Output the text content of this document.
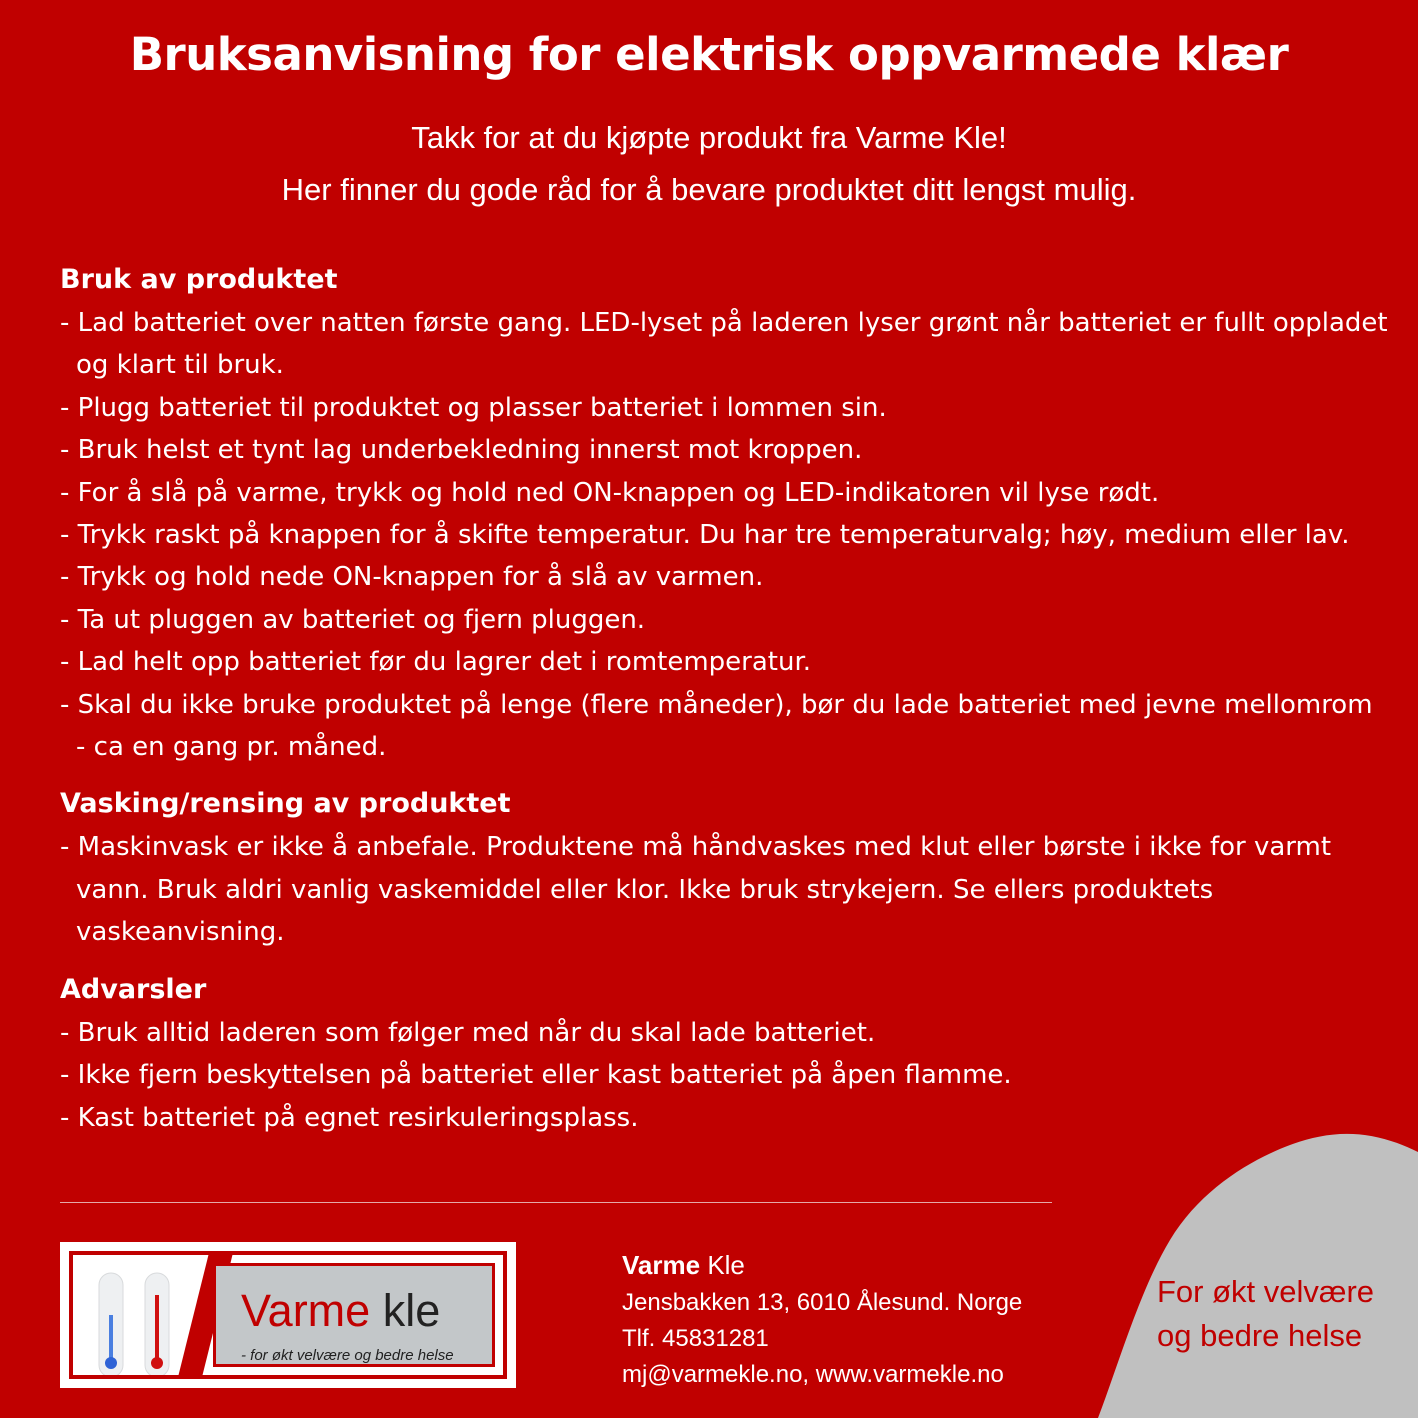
Bruksanvisning for elektrisk oppvarmede klær
Takk for at du kjøpte produkt fra Varme Kle!
Her finner du gode råd for å bevare produktet ditt lengst mulig.
Bruk av produktet
- Lad batteriet over natten første gang. LED-lyset på laderen lyser grønt når batteriet er fullt oppladet og klart til bruk.
- Plugg batteriet til produktet og plasser batteriet i lommen sin.
- Bruk helst et tynt lag underbekledning innerst mot kroppen.
- For å slå på varme, trykk og hold ned ON-knappen og LED-indikatoren vil lyse rødt.
- Trykk raskt på knappen for å skifte temperatur. Du har tre temperaturvalg; høy, medium eller lav.
- Trykk og hold nede ON-knappen for å slå av varmen.
- Ta ut pluggen av batteriet og fjern pluggen.
- Lad helt opp batteriet før du lagrer det i romtemperatur.
- Skal du ikke bruke produktet på lenge (flere måneder), bør du lade batteriet med jevne mellomrom - ca en gang pr. måned.
Vasking/rensing av produktet
- Maskinvask er ikke å anbefale. Produktene må håndvaskes med klut eller børste i ikke for varmt vann. Bruk aldri vanlig vaskemiddel eller klor. Ikke bruk strykejern. Se ellers produktets vaskeanvisning.
Advarsler
- Bruk alltid laderen som følger med når du skal lade batteriet.
- Ikke fjern beskyttelsen på batteriet eller kast batteriet på åpen flamme.
- Kast batteriet på egnet resirkuleringsplass.
Varme kle
- for økt velvære og bedre helse
Varme Kle
Jensbakken 13, 6010 Ålesund. Norge
Tlf. 45831281
mj@varmekle.no, www.varmekle.no
For økt velvære
og bedre helse
